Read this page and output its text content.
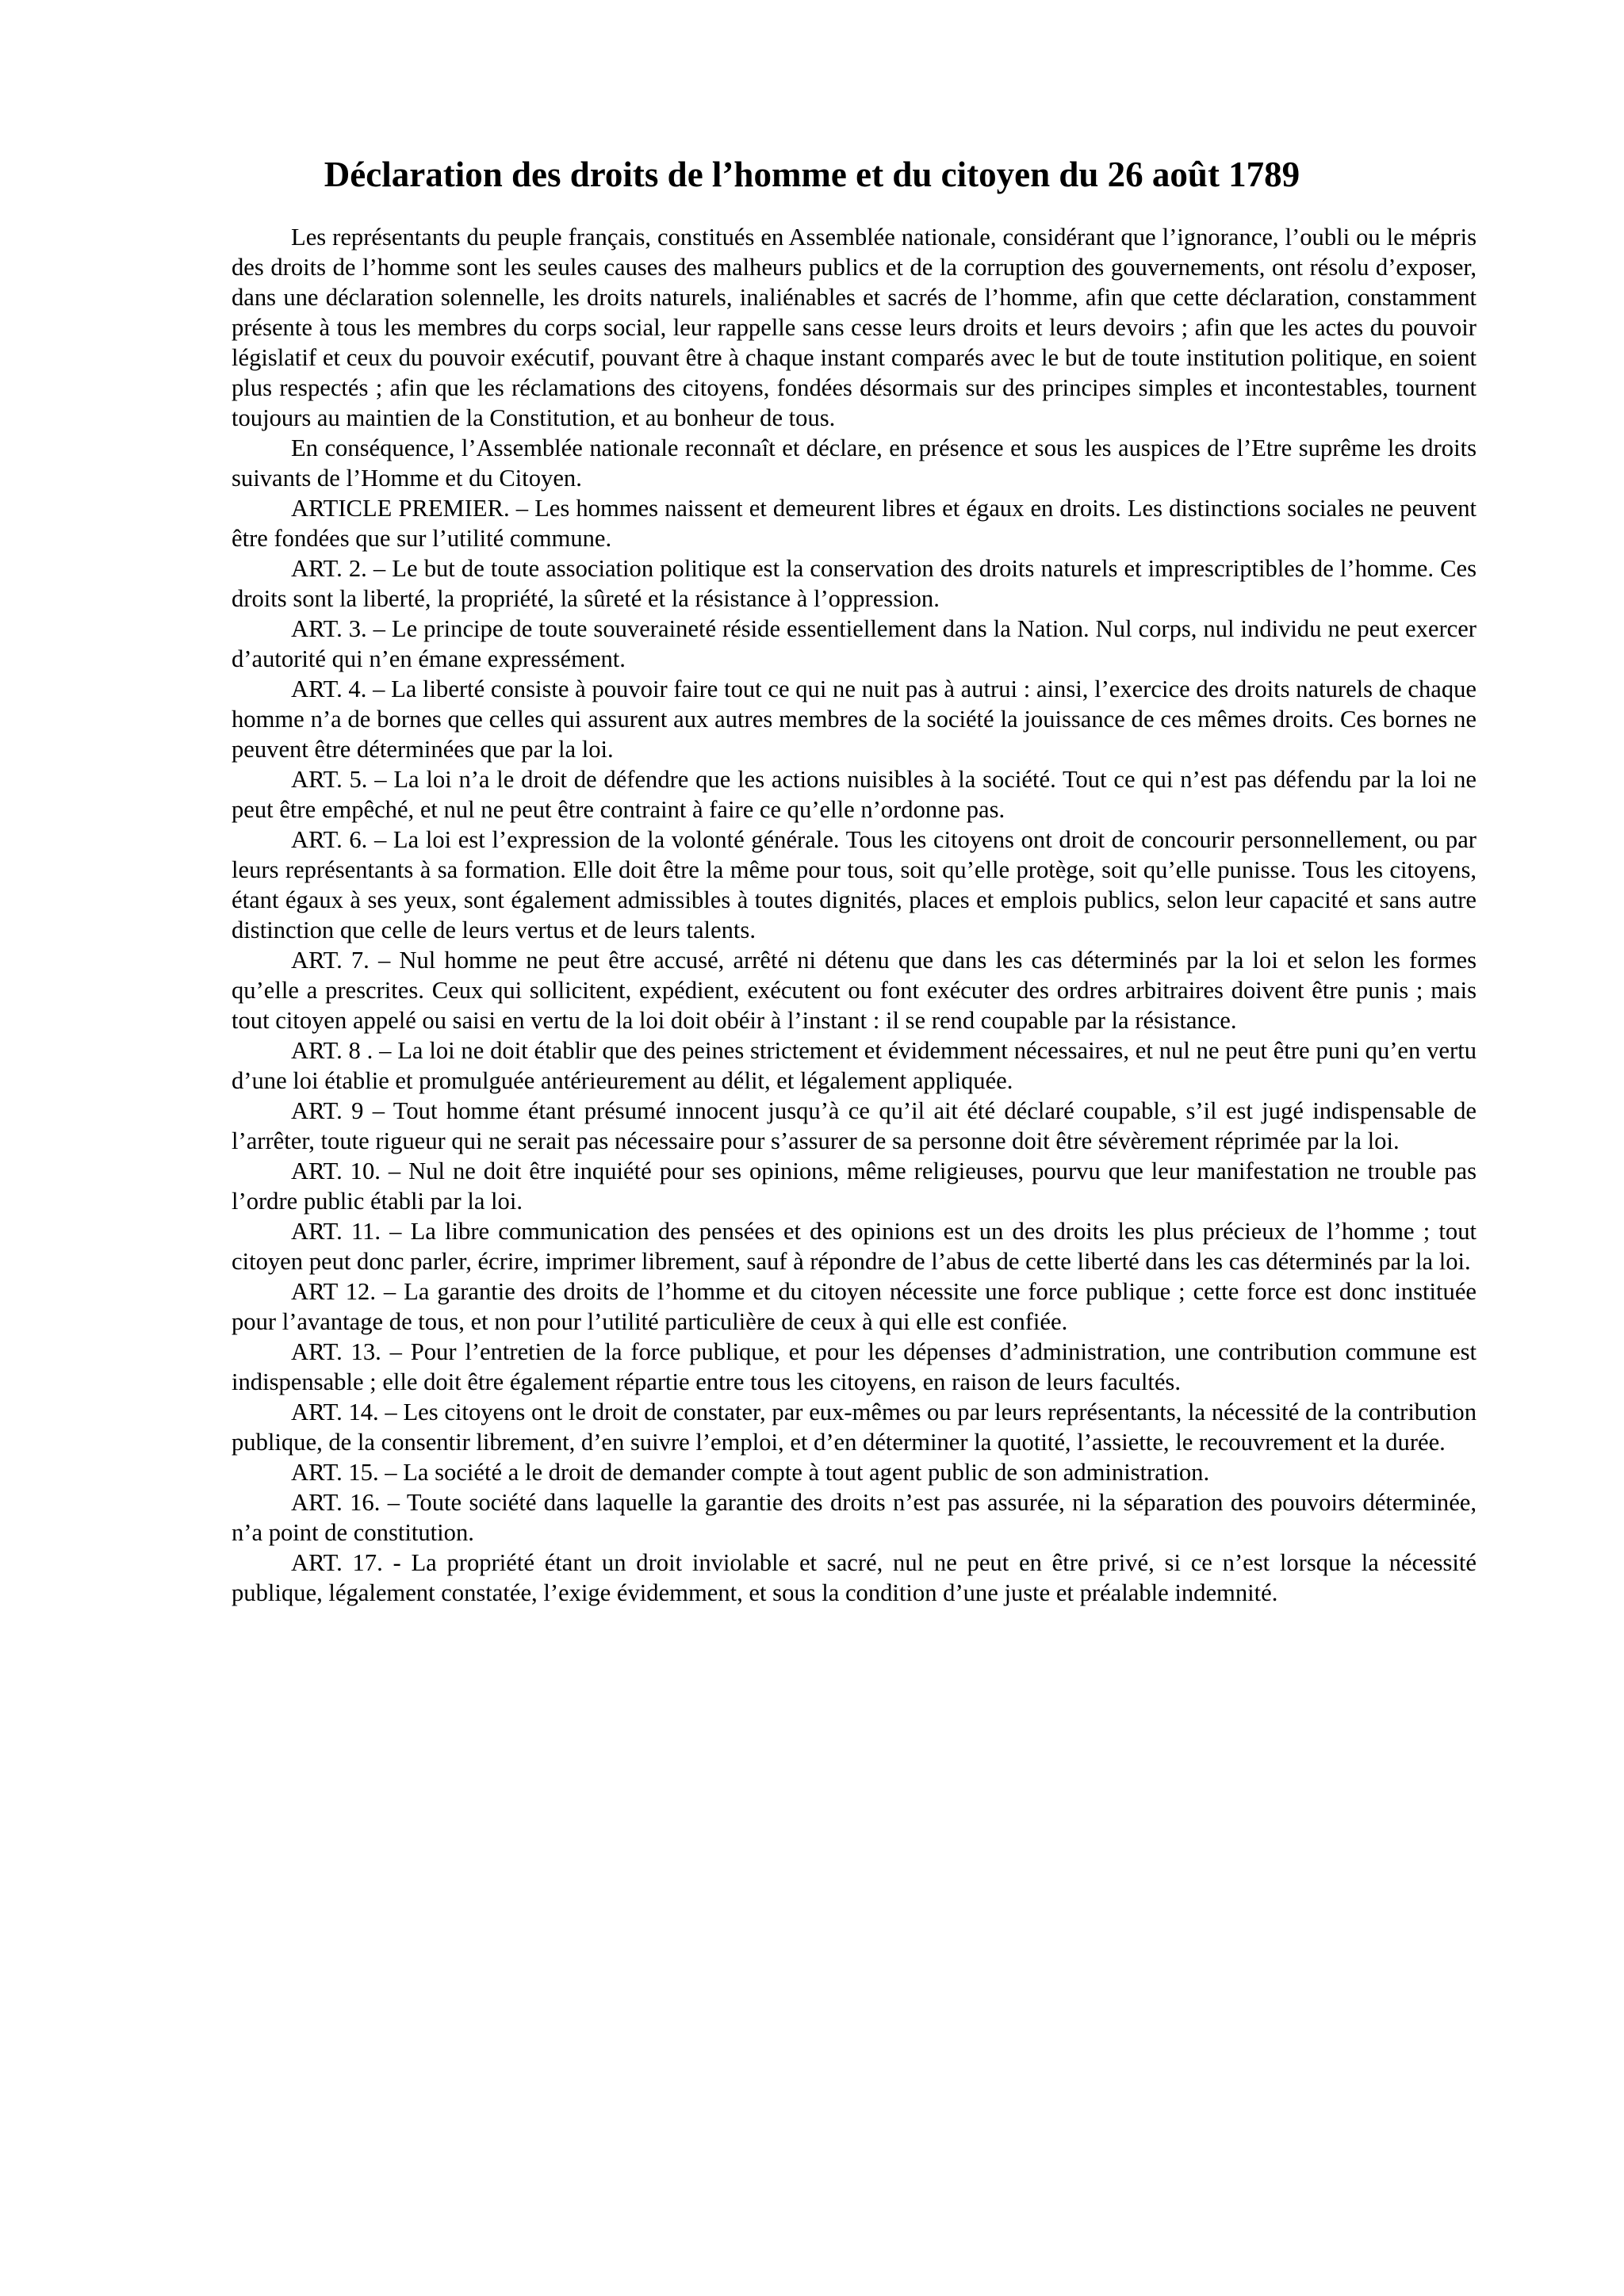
Déclaration des droits de l’homme et du citoyen du 26 août 1789

Les représentants du peuple français, constitués en Assemblée nationale, considérant que l’ignorance, l’oubli ou le mépris des droits de l’homme sont les seules causes des malheurs publics et de la corruption des gouvernements, ont résolu d’exposer, dans une déclaration solennelle, les droits naturels, inaliénables et sacrés de l’homme, afin que cette déclaration, constamment présente à tous les membres du corps social, leur rappelle sans cesse leurs droits et leurs devoirs ; afin que les actes du pouvoir législatif et ceux du pouvoir exécutif, pouvant être à chaque instant comparés avec le but de toute institution politique, en soient plus respectés ; afin que les réclamations des citoyens, fondées désormais sur des principes simples et incontestables, tournent toujours au maintien de la Constitution, et au bonheur de tous.

En conséquence, l’Assemblée nationale reconnaît et déclare, en présence et sous les auspices de l’Etre suprême les droits suivants de l’Homme et du Citoyen.

ARTICLE PREMIER. – Les hommes naissent et demeurent libres et égaux en droits. Les distinctions sociales ne peuvent être fondées que sur l’utilité commune.

ART. 2. – Le but de toute association politique est la conservation des droits naturels et imprescriptibles de l’homme. Ces droits sont la liberté, la propriété, la sûreté et la résistance à l’oppression.

ART. 3. – Le principe de toute souveraineté réside essentiellement dans la Nation. Nul corps, nul individu ne peut exercer d’autorité qui n’en émane expressément.

ART. 4. – La liberté consiste à pouvoir faire tout ce qui ne nuit pas à autrui : ainsi, l’exercice des droits naturels de chaque homme n’a de bornes que celles qui assurent aux autres membres de la société la jouissance de ces mêmes droits. Ces bornes ne peuvent être déterminées que par la loi.

ART. 5. – La loi n’a le droit de défendre que les actions nuisibles à la société. Tout ce qui n’est pas défendu par la loi ne peut être empêché, et nul ne peut être contraint à faire ce qu’elle n’ordonne pas.

ART. 6. – La loi est l’expression de la volonté générale. Tous les citoyens ont droit de concourir personnellement, ou par leurs représentants à sa formation. Elle doit être la même pour tous, soit qu’elle protège, soit qu’elle punisse. Tous les citoyens, étant égaux à ses yeux, sont également admissibles à toutes dignités, places et emplois publics, selon leur capacité et sans autre distinction que celle de leurs vertus et de leurs talents.

ART. 7. – Nul homme ne peut être accusé, arrêté ni détenu que dans les cas déterminés par la loi et selon les formes qu’elle a prescrites. Ceux qui sollicitent, expédient, exécutent ou font exécuter des ordres arbitraires doivent être punis ; mais tout citoyen appelé ou saisi en vertu de la loi doit obéir à l’instant : il se rend coupable par la résistance.

ART. 8 . – La loi ne doit établir que des peines strictement et évidemment nécessaires, et nul ne peut être puni qu’en vertu d’une loi établie et promulguée antérieurement au délit, et légalement appliquée.

ART. 9 – Tout homme étant présumé innocent jusqu’à ce qu’il ait été déclaré coupable, s’il est jugé indispensable de l’arrêter, toute rigueur qui ne serait pas nécessaire pour s’assurer de sa personne doit être sévèrement réprimée par la loi.

ART. 10. – Nul ne doit être inquiété pour ses opinions, même religieuses, pourvu que leur manifestation ne trouble pas l’ordre public établi par la loi.

ART. 11. – La libre communication des pensées et des opinions est un des droits les plus précieux de l’homme ; tout citoyen peut donc parler, écrire, imprimer librement, sauf à répondre de l’abus de cette liberté dans les cas déterminés par la loi.

ART 12. – La garantie des droits de l’homme et du citoyen nécessite une force publique ; cette force est donc instituée pour l’avantage de tous, et non pour l’utilité particulière de ceux à qui elle est confiée.

ART. 13. – Pour l’entretien de la force publique, et pour les dépenses d’administration, une contribution commune est indispensable ; elle doit être également répartie entre tous les citoyens, en raison de leurs facultés.

ART. 14. – Les citoyens ont le droit de constater, par eux-mêmes ou par leurs représentants, la nécessité de la contribution publique, de la consentir librement, d’en suivre l’emploi, et d’en déterminer la quotité, l’assiette, le recouvrement et la durée.

ART. 15. – La société a le droit de demander compte à tout agent public de son administration.

ART. 16. – Toute société dans laquelle la garantie des droits n’est pas assurée, ni la séparation des pouvoirs déterminée, n’a point de constitution.

ART. 17. - La propriété étant un droit inviolable et sacré, nul ne peut en être privé, si ce n’est lorsque la nécessité publique, légalement constatée, l’exige évidemment, et sous la condition d’une juste et préalable indemnité.
